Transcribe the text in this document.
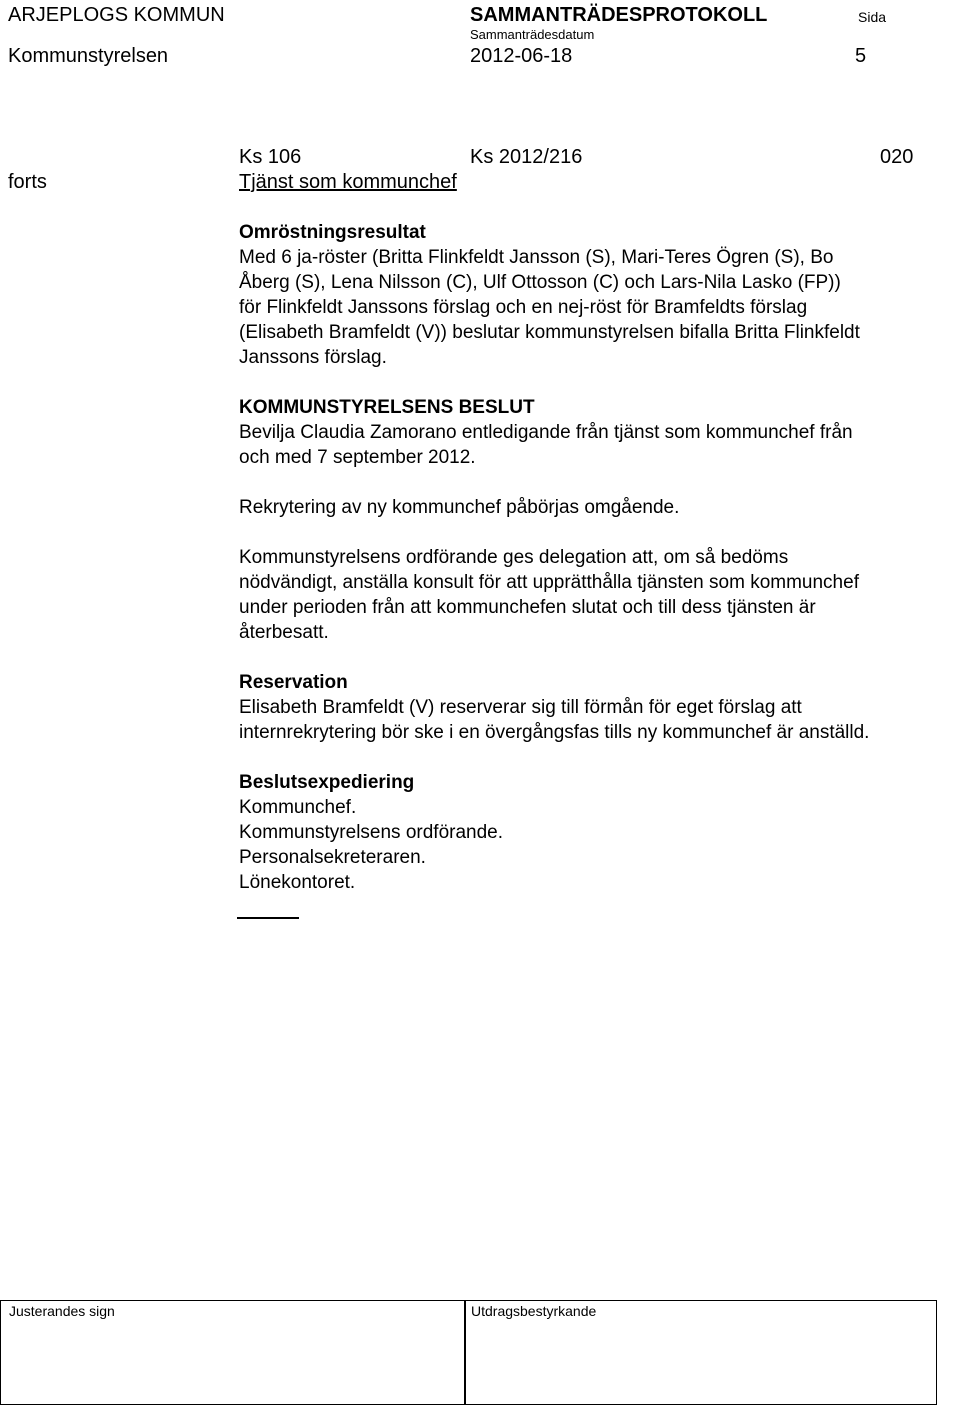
ARJEPLOGS KOMMUN	SAMMANTRÄDESPROTOKOLL	Sida
Sammanträdesdatum
Kommunstyrelsen	2012-06-18	5
Ks 106	Ks 2012/216	020
forts	Tjänst som kommunchef
Omröstningsresultat
Med 6 ja-röster (Britta Flinkfeldt Jansson (S), Mari-Teres Ögren (S), Bo
Åberg (S), Lena Nilsson (C), Ulf Ottosson (C) och Lars-Nila Lasko (FP))
för Flinkfeldt Janssons förslag och en nej-röst för Bramfeldts förslag
(Elisabeth Bramfeldt (V)) beslutar kommunstyrelsen bifalla Britta Flinkfeldt
Janssons förslag.
KOMMUNSTYRELSENS BESLUT
Bevilja Claudia Zamorano entledigande från tjänst som kommunchef från
och med 7 september 2012.
Rekrytering av ny kommunchef påbörjas omgående.
Kommunstyrelsens ordförande ges delegation att, om så bedöms
nödvändigt, anställa konsult för att upprätthålla tjänsten som kommunchef
under perioden från att kommunchefen slutat och till dess tjänsten är
återbesatt.
Reservation
Elisabeth Bramfeldt (V) reserverar sig till förmån för eget förslag att
internrekrytering bör ske i en övergångsfas tills ny kommunchef är anställd.
Beslutsexpediering
Kommunchef.
Kommunstyrelsens ordförande.
Personalsekreteraren.
Lönekontoret.
Justerandes sign	Utdragsbestyrkande
